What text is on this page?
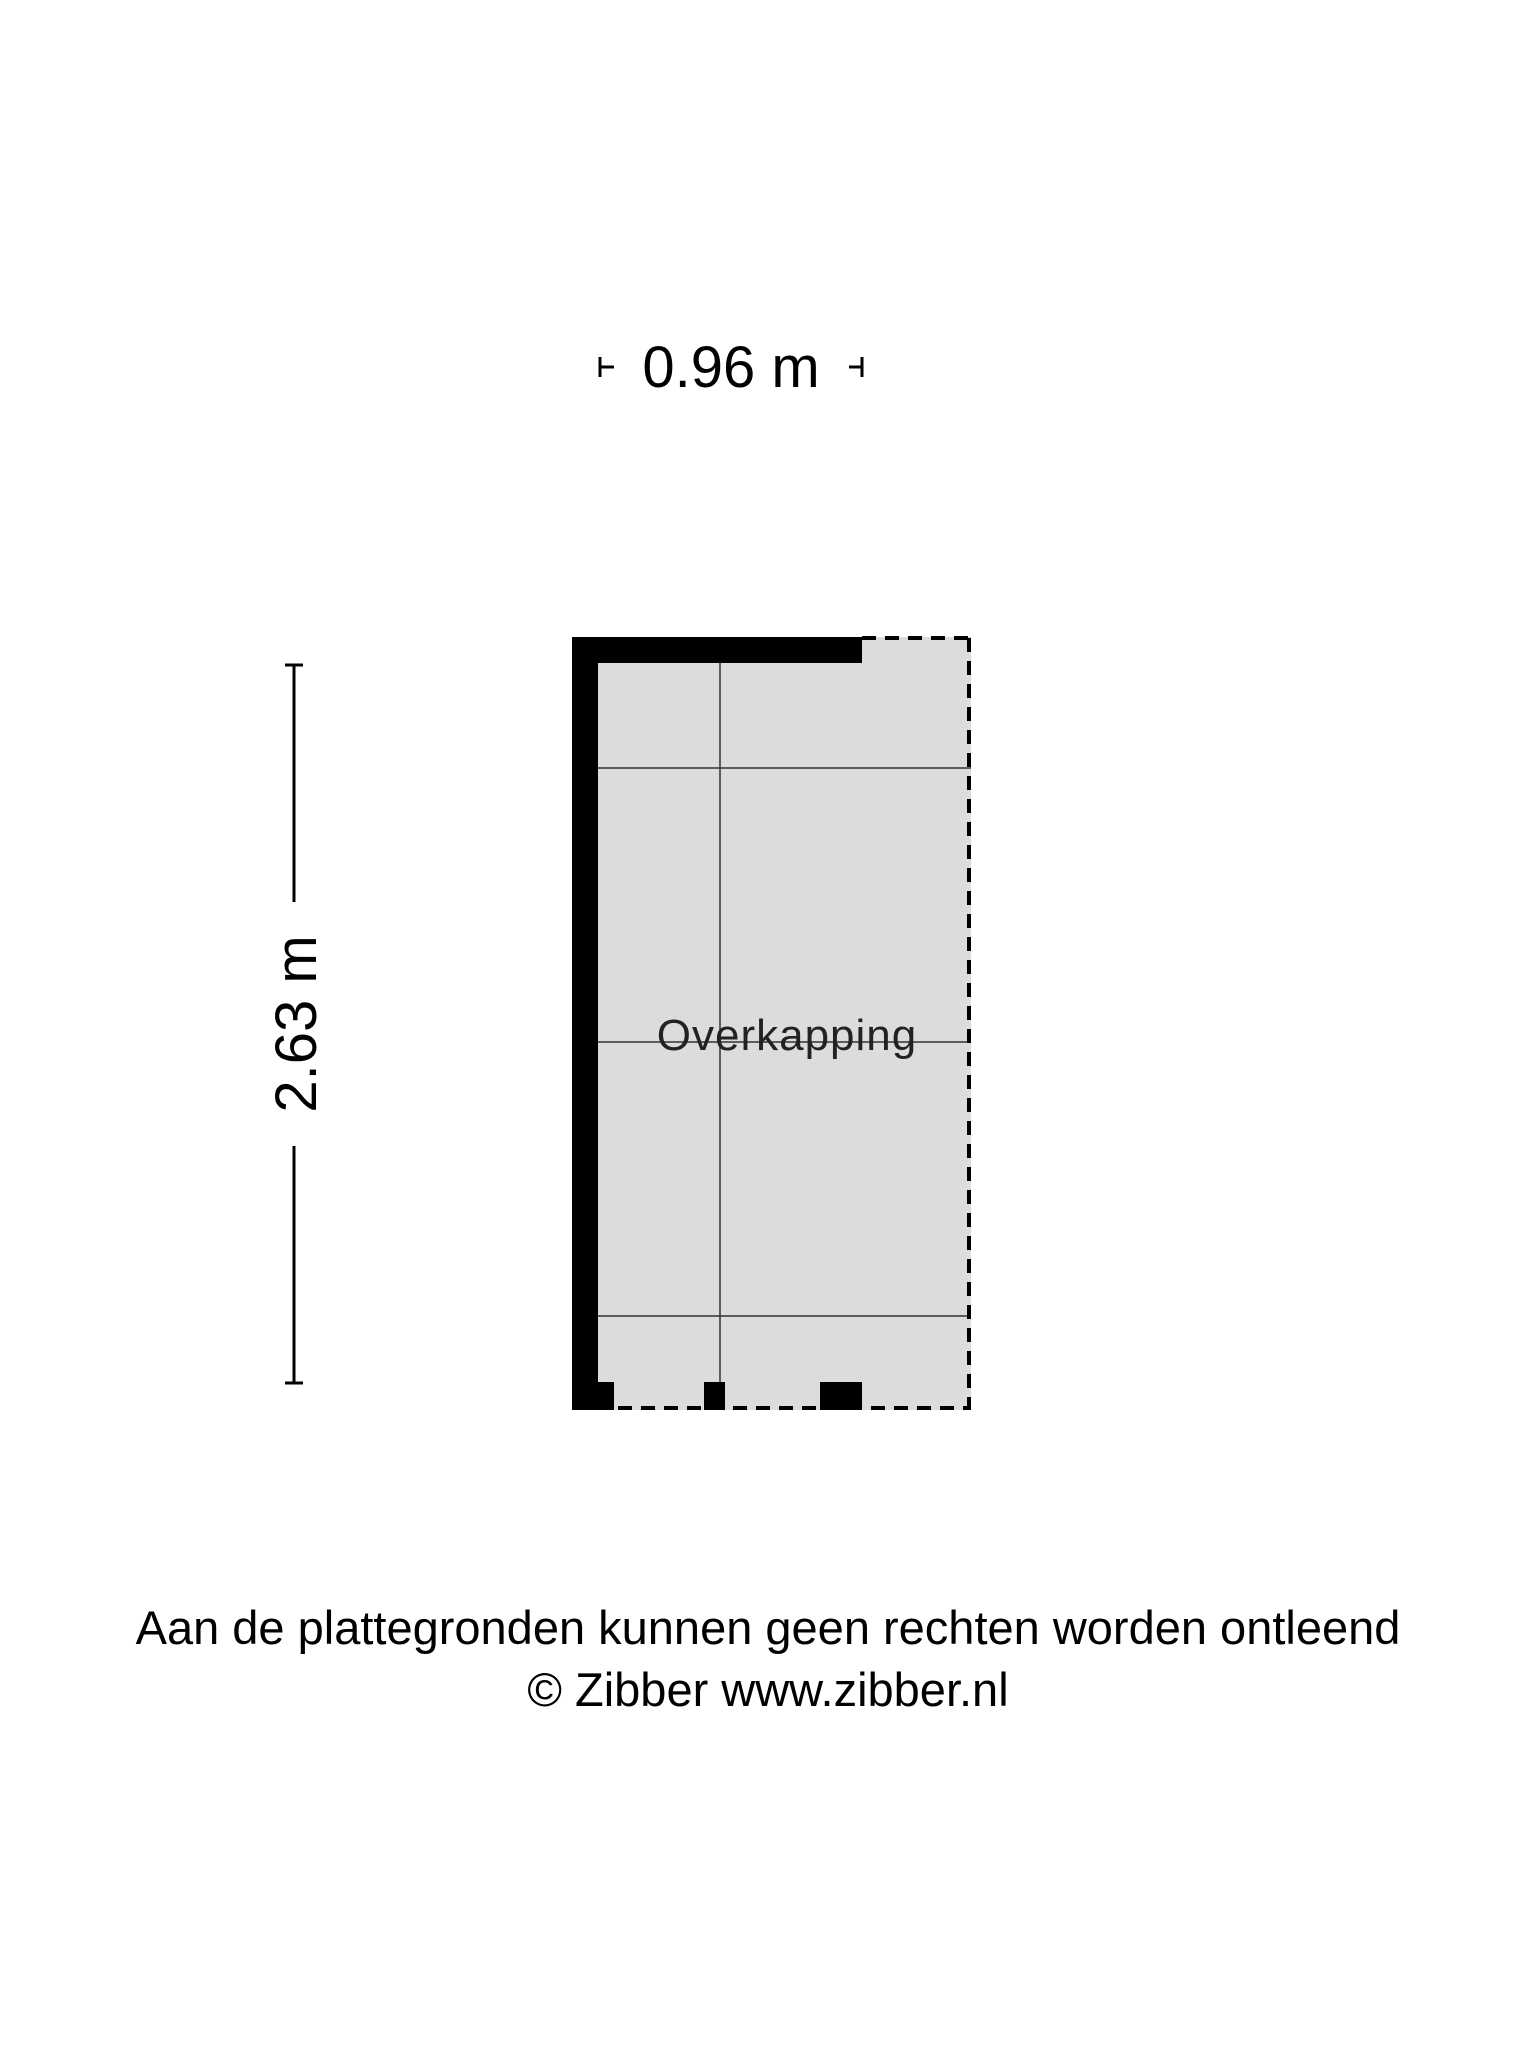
0.96 m
2.63 m	Overkapping
Aan de plattegronden kunnen geen rechten worden ontleend
© Zibber www.zibber.nl
